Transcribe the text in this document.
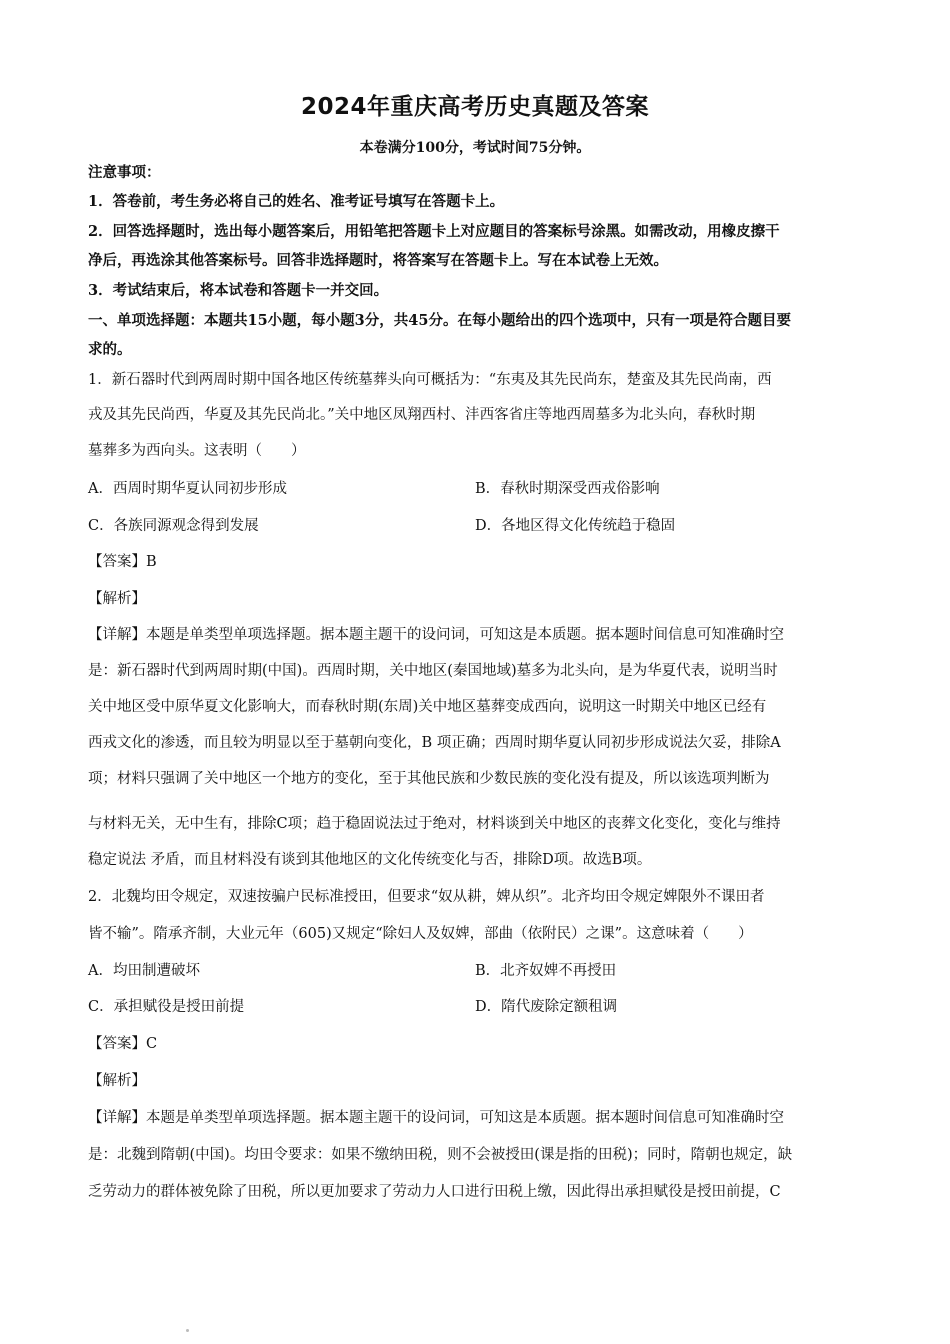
2024年重庆高考历史真题及答案
本卷满分100分，考试时间75分钟。
注意事项：
1．答卷前，考生务必将自己的姓名、准考证号填写在答题卡上。
2．回答选择题时，选出每小题答案后，用铅笔把答题卡上对应题目的答案标号涂黑。如需改动，用橡皮擦干
净后，再选涂其他答案标号。回答非选择题时，将答案写在答题卡上。写在本试卷上无效。
3．考试结束后，将本试卷和答题卡一并交回。
一、单项选择题：本题共15小题，每小题3分，共45分。在每小题给出的四个选项中，只有一项是符合题目要
求的。
1．新石器时代到两周时期中国各地区传统墓葬头向可概括为：“东夷及其先民尚东，楚蛮及其先民尚南，西
戎及其先民尚西，华夏及其先民尚北。”关中地区凤翔西村、沣西客省庄等地西周墓多为北头向，春秋时期
墓葬多为西向头。这表明（　　）
A．西周时期华夏认同初步形成	B．春秋时期深受西戎俗影响
C．各族同源观念得到发展	D．各地区得文化传统趋于稳固
【答案】B
【解析】
【详解】本题是单类型单项选择题。据本题主题干的设问词，可知这是本质题。据本题时间信息可知准确时空
是：新石器时代到两周时期(中国)。西周时期，关中地区(秦国地域)墓多为北头向，是为华夏代表，说明当时
关中地区受中原华夏文化影响大，而春秋时期(东周)关中地区墓葬变成西向，说明这一时期关中地区已经有
西戎文化的渗透，而且较为明显以至于墓朝向变化，B 项正确；西周时期华夏认同初步形成说法欠妥，排除A
项；材料只强调了关中地区一个地方的变化，至于其他民族和少数民族的变化没有提及，所以该选项判断为
与材料无关，无中生有，排除C项；趋于稳固说法过于绝对，材料谈到关中地区的丧葬文化变化，变化与维持
稳定说法 矛盾，而且材料没有谈到其他地区的文化传统变化与否，排除D项。故选B项。
2．北魏均田令规定，双速按骗户民标准授田，但要求“奴从耕，婢从织”。北齐均田令规定婢限外不课田者
皆不输”。隋承齐制，大业元年（605)又规定“除妇人及奴婢，部曲（依附民）之课”。这意味着（　　）
A．均田制遭破坏	B．北齐奴婢不再授田
C．承担赋役是授田前提	D．隋代废除定额租调
【答案】C
【解析】
【详解】本题是单类型单项选择题。据本题主题干的设问词，可知这是本质题。据本题时间信息可知准确时空
是：北魏到隋朝(中国)。均田令要求：如果不缴纳田税，则不会被授田(课是指的田税)；同时，隋朝也规定，缺
乏劳动力的群体被免除了田税，所以更加要求了劳动力人口进行田税上缴，因此得出承担赋役是授田前提，C
